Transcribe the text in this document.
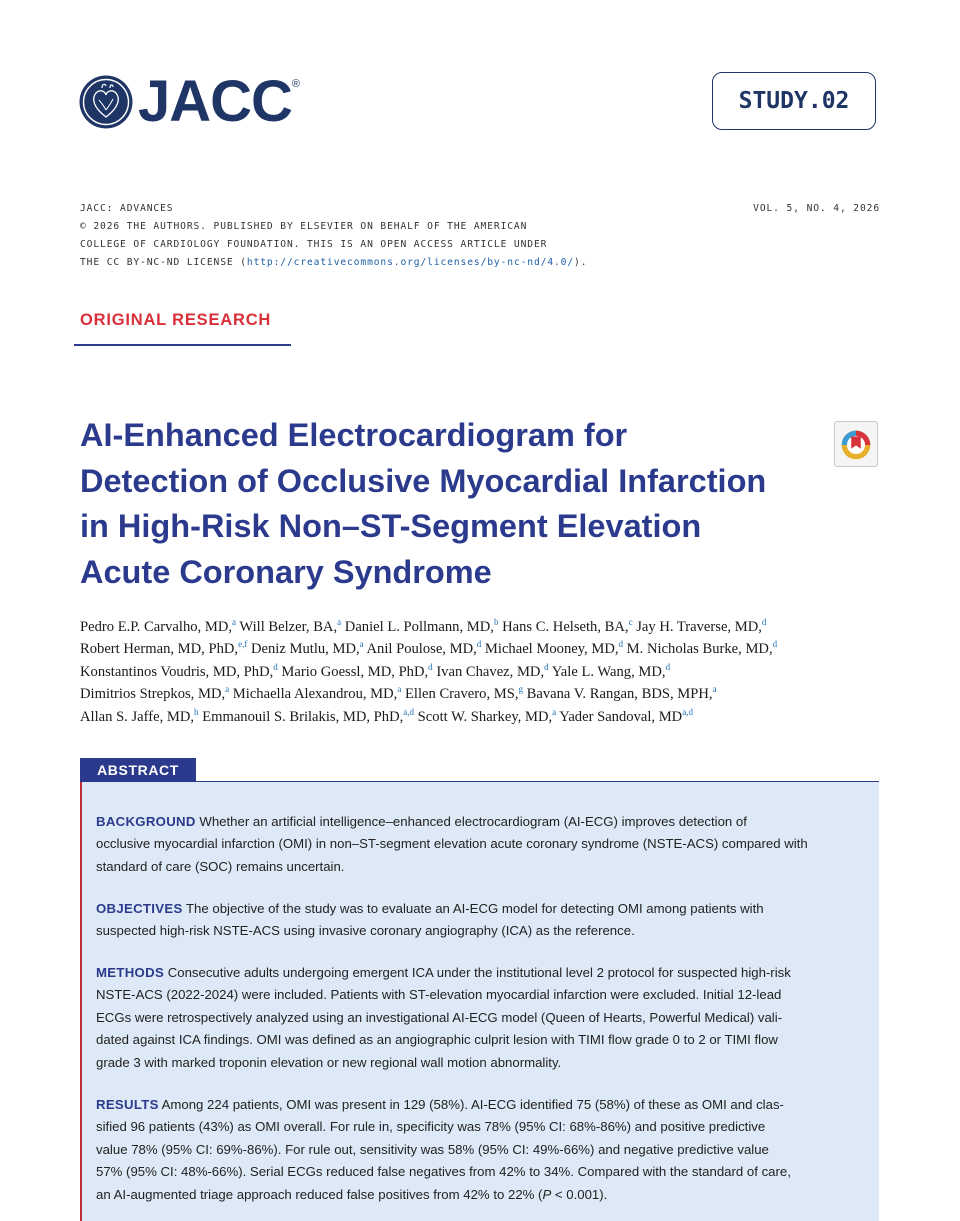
JACC ®
STUDY.02
JACC: ADVANCES
© 2026 THE AUTHORS. PUBLISHED BY ELSEVIER ON BEHALF OF THE AMERICAN
COLLEGE OF CARDIOLOGY FOUNDATION. THIS IS AN OPEN ACCESS ARTICLE UNDER
THE CC BY-NC-ND LICENSE (http://creativecommons.org/licenses/by-nc-nd/4.0/).
VOL. 5, NO. 4, 2026
ORIGINAL RESEARCH
AI-Enhanced Electrocardiogram for
Detection of Occlusive Myocardial Infarction
in High-Risk Non–ST-Segment Elevation
Acute Coronary Syndrome
Pedro E.P. Carvalho, MD,$^a$ Will Belzer, BA,$^a$ Daniel L. Pollmann, MD,$^b$ Hans C. Helseth, BA,$^c$ Jay H. Traverse, MD,$^d$
Robert Herman, MD, PhD,$^{e,f}$ Deniz Mutlu, MD,$^a$ Anil Poulose, MD,$^d$ Michael Mooney, MD,$^d$ M. Nicholas Burke, MD,$^d$
Konstantinos Voudris, MD, PhD,$^d$ Mario Goessl, MD, PhD,$^d$ Ivan Chavez, MD,$^d$ Yale L. Wang, MD,$^d$
Dimitrios Strepkos, MD,$^a$ Michaella Alexandrou, MD,$^a$ Ellen Cravero, MS,$^g$ Bavana V. Rangan, BDS, MPH,$^a$
Allan S. Jaffe, MD,$^h$ Emmanouil S. Brilakis, MD, PhD,$^{a,d}$ Scott W. Sharkey, MD,$^a$ Yader Sandoval, MD$^{a,d}$
ABSTRACT

BACKGROUND Whether an artificial intelligence–enhanced electrocardiogram (AI-ECG) improves detection of
occlusive myocardial infarction (OMI) in non–ST-segment elevation acute coronary syndrome (NSTE-ACS) compared with
standard of care (SOC) remains uncertain.

OBJECTIVES The objective of the study was to evaluate an AI-ECG model for detecting OMI among patients with
suspected high-risk NSTE-ACS using invasive coronary angiography (ICA) as the reference.

METHODS Consecutive adults undergoing emergent ICA under the institutional level 2 protocol for suspected high-risk
NSTE-ACS (2022-2024) were included. Patients with ST-elevation myocardial infarction were excluded. Initial 12-lead
ECGs were retrospectively analyzed using an investigational AI-ECG model (Queen of Hearts, Powerful Medical) vali-
dated against ICA findings. OMI was defined as an angiographic culprit lesion with TIMI flow grade 0 to 2 or TIMI flow
grade 3 with marked troponin elevation or new regional wall motion abnormality.

RESULTS Among 224 patients, OMI was present in 129 (58%). AI-ECG identified 75 (58%) of these as OMI and clas-
sified 96 patients (43%) as OMI overall. For rule in, specificity was 78% (95% CI: 68%-86%) and positive predictive
value 78% (95% CI: 69%-86%). For rule out, sensitivity was 58% (95% CI: 49%-66%) and negative predictive value
57% (95% CI: 48%-66%). Serial ECGs reduced false negatives from 42% to 34%. Compared with the standard of care,
an AI-augmented triage approach reduced false positives from 42% to 22% (P < 0.001).
